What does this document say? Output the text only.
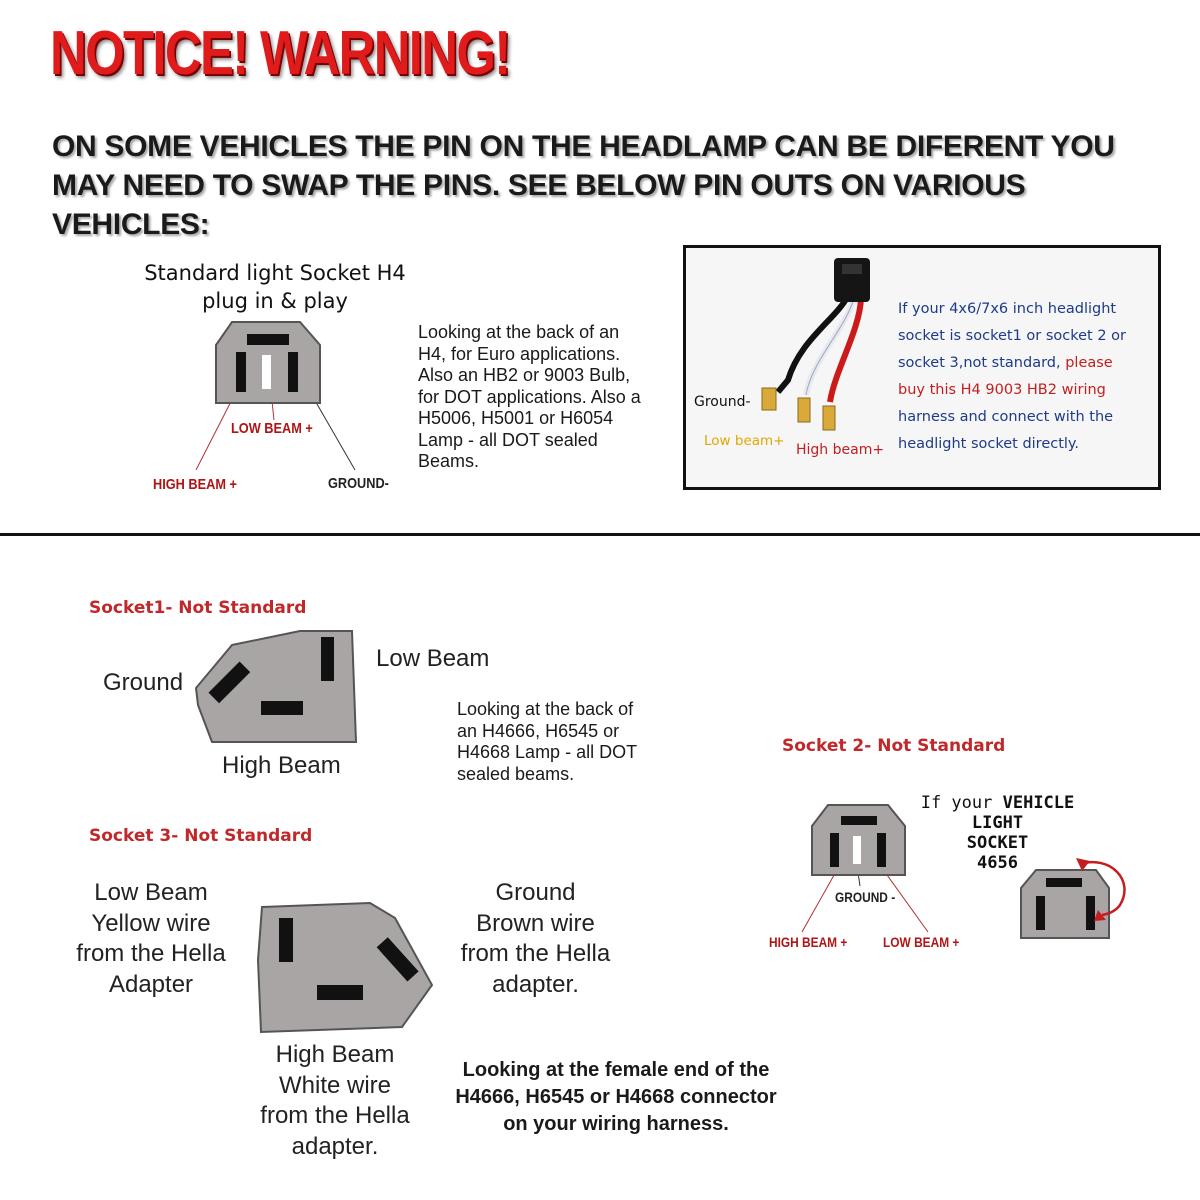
NOTICE! WARNING!
ON SOME VEHICLES THE PIN ON THE HEADLAMP CAN BE DIFERENT YOU MAY NEED TO SWAP THE PINS. SEE BELOW PIN OUTS ON VARIOUS VEHICLES:
Standard light Socket H4
plug in & play
LOW BEAM +
HIGH BEAM +	GROUND-
Looking at the back of an
H4, for Euro applications.
Also an HB2 or 9003 Bulb,
for DOT applications. Also a
H5006, H5001 or H6054
Lamp - all DOT sealed
Beams.
Ground-
Low beam+
High beam+
If your 4x6/7x6 inch headlight
socket is socket1 or socket 2 or
socket 3,not standard, please
buy this H4 9003 HB2 wiring
harness and connect with the
headlight socket directly.
Socket1- Not Standard
Ground
Low Beam
High Beam
Looking at the back of
an H4666, H6545 or
H4668 Lamp - all DOT
sealed beams.
Socket 3- Not Standard
Low Beam
Yellow wire
from the Hella
Adapter
Ground
Brown wire
from the Hella
adapter.
High Beam
White wire
from the Hella
adapter.
Looking at the female end of the
H4666, H6545 or H4668 connector
on your wiring harness.
Socket 2- Not Standard

If your VEHICLE
LIGHT
SOCKET
4656

GROUND -
HIGH BEAM +	LOW BEAM +
